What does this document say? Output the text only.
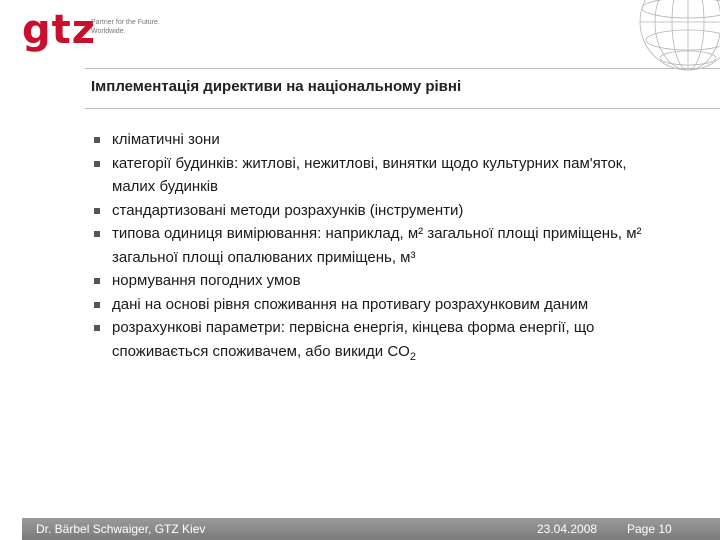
gtz
Partner for the Future.
Worldwide.
Імплементація директиви на національному рівні
кліматичні зони
категорії будинків: житлові, нежитлові, винятки щодо культурних пам'яток, малих будинків
стандартизовані методи розрахунків (інструменти)
типова одиниця вимірювання: наприклад, м² загальної площі приміщень, м² загальної площі опалюваних приміщень, м³
нормування погодних умов
дані на основі рівня споживання на противагу розрахунковим даним
розрахункові параметри: первісна енергія, кінцева форма енергії, що споживається споживачем, або викиди $CO_2$
Dr. Bärbel Schwaiger, GTZ Kiev	23.04.2008 Page 10
